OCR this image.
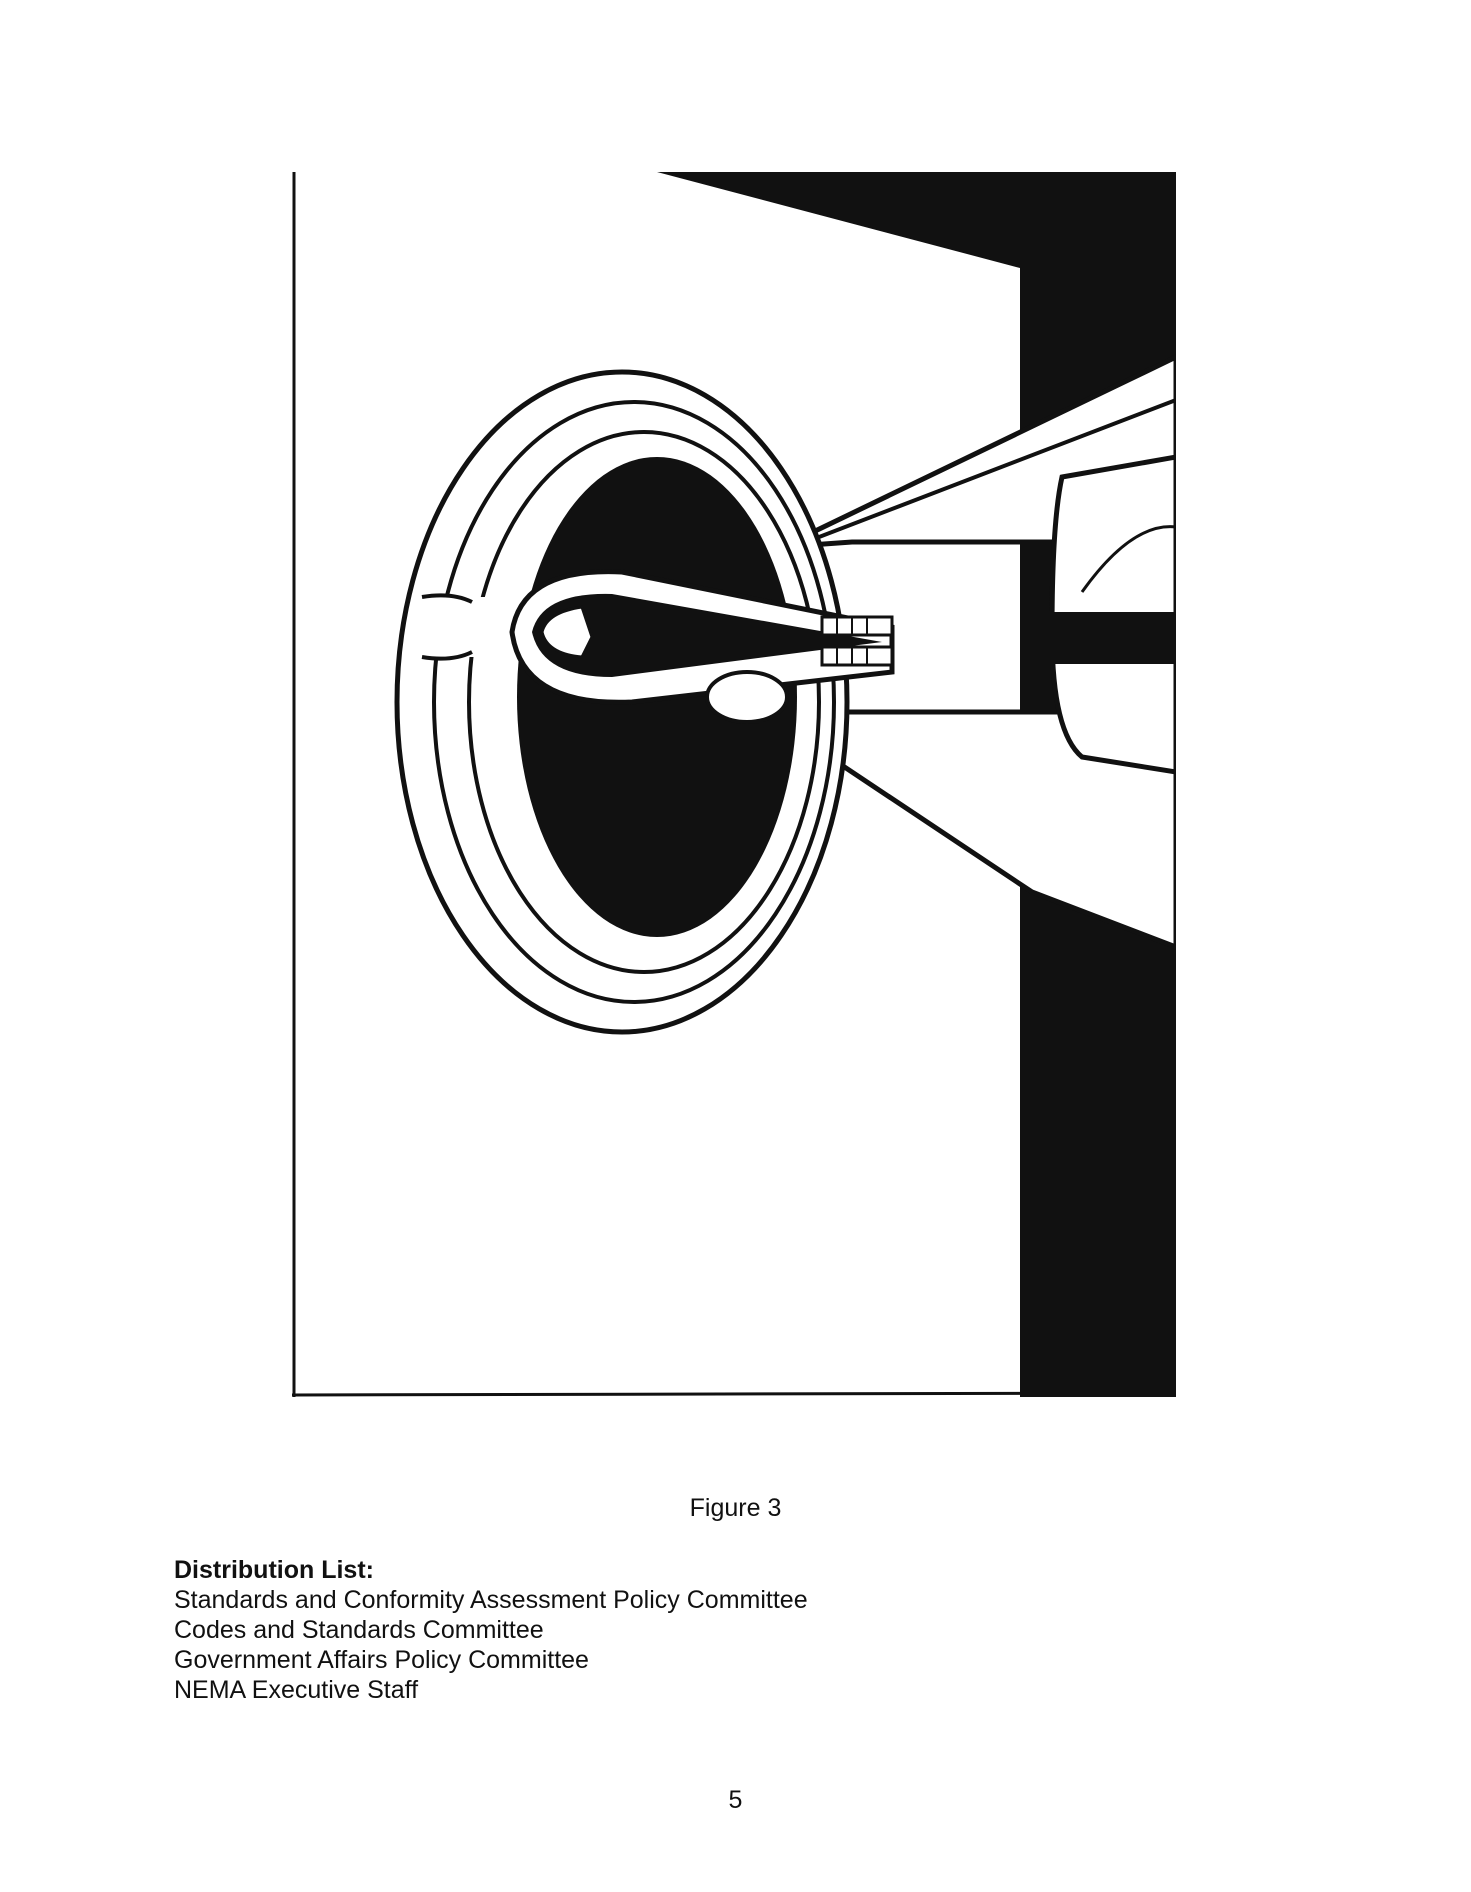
Figure 3

Distribution List:

Standards and Conformity Assessment Policy Committee
Codes and Standards Committee
Government Affairs Policy Committee
NEMA Executive Staff
5
